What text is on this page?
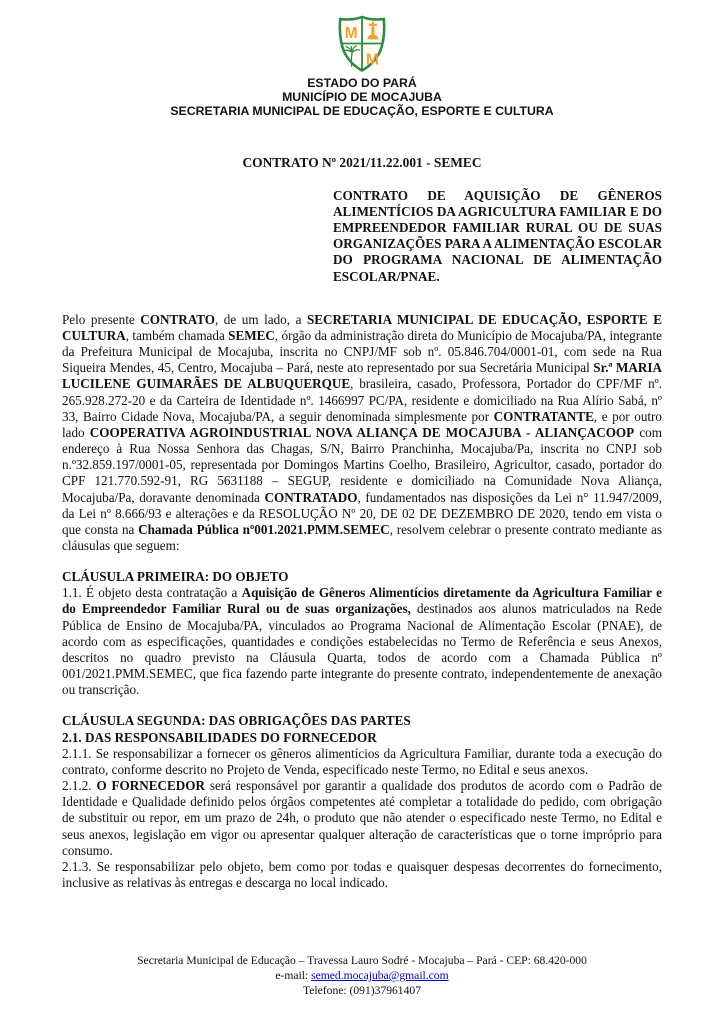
M
M
ESTADO DO PARÁ
MUNICÍPIO DE MOCAJUBA
SECRETARIA MUNICIPAL DE EDUCAÇÃO, ESPORTE E CULTURA
CONTRATO Nº 2021/11.22.001 - SEMEC
CONTRATO DE AQUISIÇÃO DE GÊNEROS ALIMENTÍCIOS DA AGRICULTURA FAMILIAR E DO EMPREENDEDOR FAMILIAR RURAL OU DE SUAS ORGANIZAÇÕES PARA A ALIMENTAÇÃO ESCOLAR DO PROGRAMA NACIONAL DE ALIMENTAÇÃO ESCOLAR/PNAE.

Pelo presente CONTRATO, de um lado, a SECRETARIA MUNICIPAL DE EDUCAÇÃO, ESPORTE E CULTURA, também chamada SEMEC, órgão da administração direta do Município de Mocajuba/PA, integrante da Prefeitura Municipal de Mocajuba, inscrita no CNPJ/MF sob nº. 05.846.704/0001-01, com sede na Rua Siqueira Mendes, 45, Centro, Mocajuba – Pará, neste ato representado por sua Secretária Municipal Sr.ª MARIA LUCILENE GUIMARÃES DE ALBUQUERQUE, brasileira, casado, Professora, Portador do CPF/MF nº. 265.928.272-20 e da Carteira de Identidade nº. 1466997 PC/PA, residente e domiciliado na Rua Alírio Sabá, nº 33, Bairro Cidade Nova, Mocajuba/PA, a seguir denominada simplesmente por CONTRATANTE, e por outro lado COOPERATIVA AGROINDUSTRIAL NOVA ALIANÇA DE MOCAJUBA - ALIANÇACOOP com endereço à Rua Nossa Senhora das Chagas, S/N, Bairro Pranchinha, Mocajuba/Pa, inscrita no CNPJ sob n.º32.859.197/0001-05, representada por Domingos Martins Coelho, Brasileiro, Agricultor, casado, portador do CPF 121.770.592-91, RG 5631188 – SEGUP, residente e domiciliado na Comunidade Nova Aliança, Mocajuba/Pa, doravante denominada CONTRATADO, fundamentados nas disposições da Lei n° 11.947/2009, da Lei nº 8.666/93 e alterações e da RESOLUÇÃO Nº 20, DE 02 DE DEZEMBRO DE 2020, tendo em vista o que consta na Chamada Pública nº001.2021.PMM.SEMEC, resolvem celebrar o presente contrato mediante as cláusulas que seguem:

CLÁUSULA PRIMEIRA: DO OBJETO

1.1. É objeto desta contratação a Aquisição de Gêneros Alimentícios diretamente da Agricultura Familiar e do Empreendedor Familiar Rural ou de suas organizações, destinados aos alunos matriculados na Rede Pública de Ensino de Mocajuba/PA, vinculados ao Programa Nacional de Alimentação Escolar (PNAE), de acordo com as especificações, quantidades e condições estabelecidas no Termo de Referência e seus Anexos, descritos no quadro previsto na Cláusula Quarta, todos de acordo com a Chamada Pública nº 001/2021.PMM.SEMEC, que fica fazendo parte integrante do presente contrato, independentemente de anexação ou transcrição.

CLÁUSULA SEGUNDA: DAS OBRIGAÇÕES DAS PARTES
2.1. DAS RESPONSABILIDADES DO FORNECEDOR

2.1.1. Se responsabilizar a fornecer os gêneros alimentícios da Agricultura Familiar, durante toda a execução do contrato, conforme descrito no Projeto de Venda, especificado neste Termo, no Edital e seus anexos.

2.1.2. O FORNECEDOR será responsável por garantir a qualidade dos produtos de acordo com o Padrão de Identidade e Qualidade definido pelos órgãos competentes até completar a totalidade do pedido, com obrigação de substituir ou repor, em um prazo de 24h, o produto que não atender o especificado neste Termo, no Edital e seus anexos, legislação em vigor ou apresentar qualquer alteração de características que o torne impróprio para consumo.

2.1.3. Se responsabilizar pelo objeto, bem como por todas e quaisquer despesas decorrentes do fornecimento, inclusive as relativas às entregas e descarga no local indicado.

Secretaria Municipal de Educação – Travessa Lauro Sodré - Mocajuba – Pará - CEP: 68.420-000
e-mail: semed.mocajuba@gmail.com
Telefone: (091)37961407
